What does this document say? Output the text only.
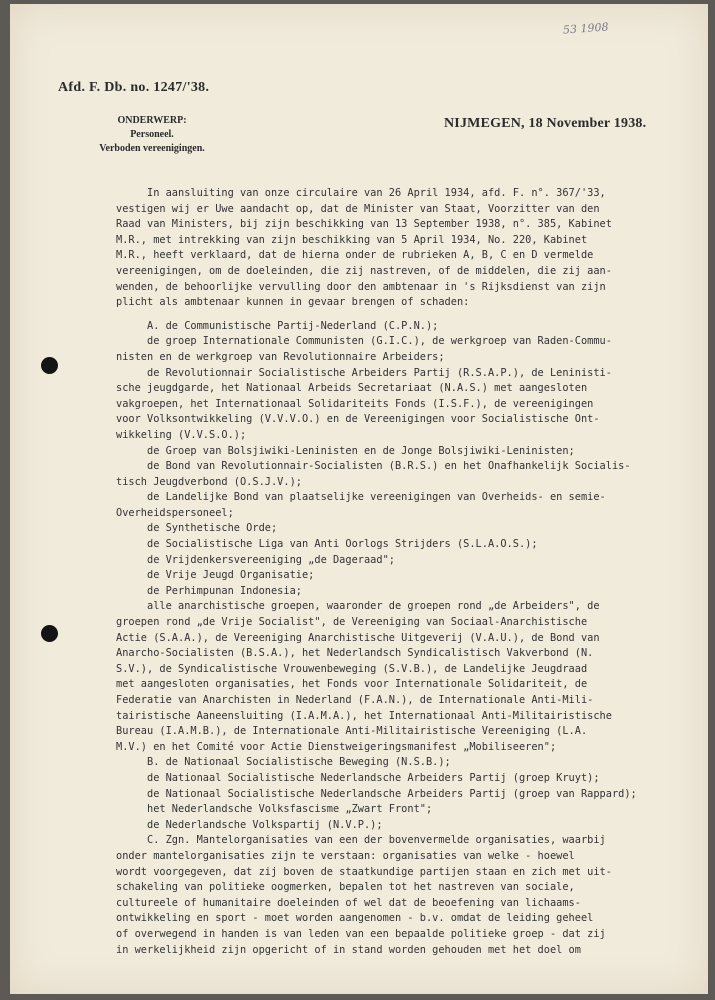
53 1908
Afd. F. Db. no. 1247/'38.
ONDERWERP:
Personeel.
Verboden vereenigingen.
NIJMEGEN, 18 November 1938.
In aansluiting van onze circulaire van 26 April 1934, afd. F. n°. 367/'33,
vestigen wij er Uwe aandacht op, dat de Minister van Staat, Voorzitter van den
Raad van Ministers, bij zijn beschikking van 13 September 1938, n°. 385, Kabinet
M.R., met intrekking van zijn beschikking van 5 April 1934, No. 220, Kabinet
M.R., heeft verklaard, dat de hierna onder de rubrieken A, B, C en D vermelde
vereenigingen, om de doeleinden, die zij nastreven, of de middelen, die zij aan-
wenden, de behoorlijke vervulling door den ambtenaar in 's Rijksdienst van zijn
plicht als ambtenaar kunnen in gevaar brengen of schaden:
A. de Communistische Partij-Nederland (C.P.N.);
de groep Internationale Communisten (G.I.C.), de werkgroep van Raden-Commu-
nisten en de werkgroep van Revolutionnaire Arbeiders;
de Revolutionnair Socialistische Arbeiders Partij (R.S.A.P.), de Leninisti-
sche jeugdgarde, het Nationaal Arbeids Secretariaat (N.A.S.) met aangesloten
vakgroepen, het Internationaal Solidariteits Fonds (I.S.F.), de vereenigingen
voor Volksontwikkeling (V.V.V.O.) en de Vereenigingen voor Socialistische Ont-
wikkeling (V.V.S.O.);
de Groep van Bolsjiwiki-Leninisten en de Jonge Bolsjiwiki-Leninisten;
de Bond van Revolutionnair-Socialisten (B.R.S.) en het Onafhankelijk Socialis-
tisch Jeugdverbond (O.S.J.V.);
de Landelijke Bond van plaatselijke vereenigingen van Overheids- en semie-
Overheidspersoneel;
de Synthetische Orde;
de Socialistische Liga van Anti Oorlogs Strijders (S.L.A.O.S.);
de Vrijdenkersvereeniging „de Dageraad";
de Vrije Jeugd Organisatie;
de Perhimpunan Indonesia;
alle anarchistische groepen, waaronder de groepen rond „de Arbeiders", de
groepen rond „de Vrije Socialist", de Vereeniging van Sociaal-Anarchistische
Actie (S.A.A.), de Vereeniging Anarchistische Uitgeverij (V.A.U.), de Bond van
Anarcho-Socialisten (B.S.A.), het Nederlandsch Syndicalistisch Vakverbond (N.
S.V.), de Syndicalistische Vrouwenbeweging (S.V.B.), de Landelijke Jeugdraad
met aangesloten organisaties, het Fonds voor Internationale Solidariteit, de
Federatie van Anarchisten in Nederland (F.A.N.), de Internationale Anti-Mili-
tairistische Aaneensluiting (I.A.M.A.), het Internationaal Anti-Militairistische
Bureau (I.A.M.B.), de Internationale Anti-Militairistische Vereeniging (L.A.
M.V.) en het Comité voor Actie Dienstweigeringsmanifest „Mobiliseeren";
B. de Nationaal Socialistische Beweging (N.S.B.);
de Nationaal Socialistische Nederlandsche Arbeiders Partij (groep Kruyt);
de Nationaal Socialistische Nederlandsche Arbeiders Partij (groep van Rappard);
het Nederlandsche Volksfascisme „Zwart Front";
de Nederlandsche Volkspartij (N.V.P.);
C. Zgn. Mantelorganisaties van een der bovenvermelde organisaties, waarbij
onder mantelorganisaties zijn te verstaan: organisaties van welke - hoewel
wordt voorgegeven, dat zij boven de staatkundige partijen staan en zich met uit-
schakeling van politieke oogmerken, bepalen tot het nastreven van sociale,
cultureele of humanitaire doeleinden of wel dat de beoefening van lichaams-
ontwikkeling en sport - moet worden aangenomen - b.v. omdat de leiding geheel
of overwegend in handen is van leden van een bepaalde politieke groep - dat zij
in werkelijkheid zijn opgericht of in stand worden gehouden met het doel om
